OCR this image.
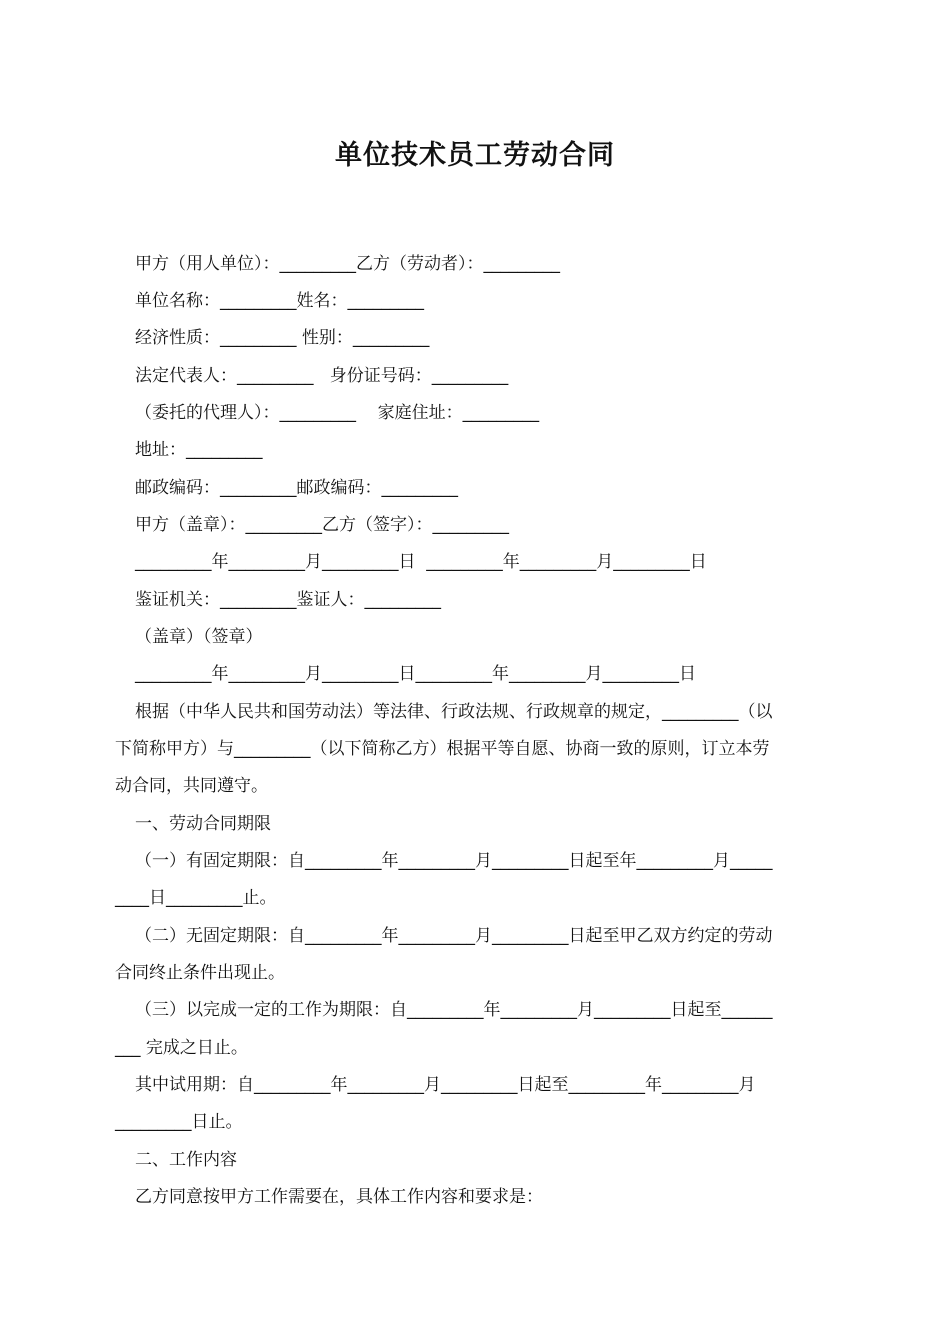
单位技术员工劳动合同
甲方（用人单位）：_________乙方（劳动者）：_________
单位名称：_________姓名：_________
经济性质：_________ 性别：_________
法定代表人：_________   身份证号码：_________
（委托的代理人）：_________    家庭住址：_________
地址：_________
邮政编码：_________邮政编码：_________
甲方（盖章）：_________乙方（签字）：_________
_________年_________月_________日  _________年_________月_________日
鉴证机关：_________鉴证人：_________
（盖章）（签章）
_________年_________月_________日_________年_________月_________日
根据（中华人民共和国劳动法）等法律、行政法规、行政规章的规定，_________（以
下简称甲方）与_________（以下简称乙方）根据平等自愿、协商一致的原则，订立本劳
动合同，共同遵守。
一、劳动合同期限
（一）有固定期限：自_________年_________月_________日起至年_________月_____
____日_________止。
（二）无固定期限：自_________年_________月_________日起至甲乙双方约定的劳动
合同终止条件出现止。
（三）以完成一定的工作为期限：自_________年_________月_________日起至______
___ 完成之日止。
其中试用期：自_________年_________月_________日起至_________年_________月
_________日止。
二、工作内容
乙方同意按甲方工作需要在，具体工作内容和要求是：
